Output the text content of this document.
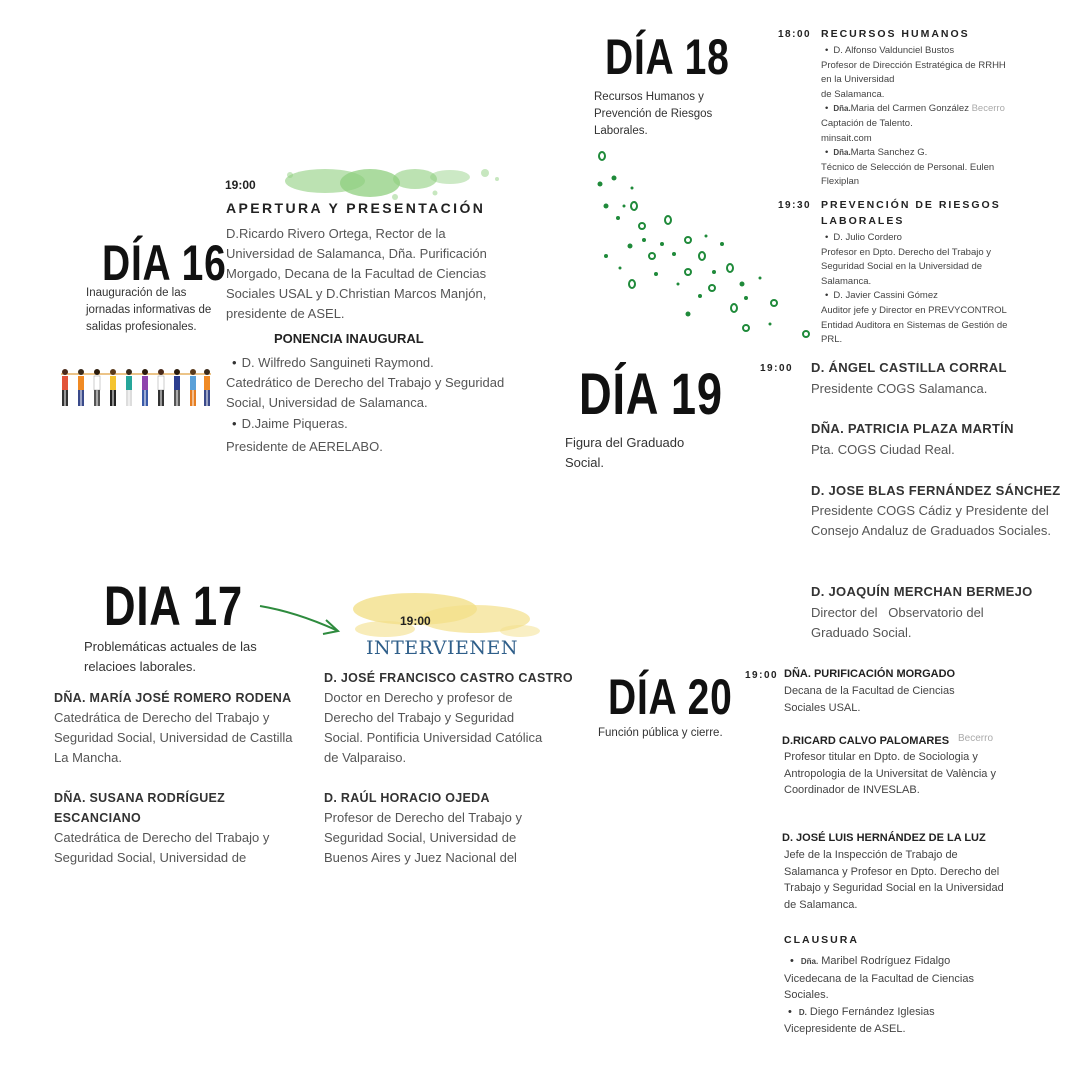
DÍA 16
Inauguración de las jornadas informativas de salidas profesionales.
19:00
APERTURA Y PRESENTACIÓN
D.Ricardo Rivero Ortega, Rector de la Universidad de Salamanca, Dña. Purificación Morgado, Decana de la Facultad de Ciencias Sociales USAL y D.Christian Marcos Manjón, presidente de ASEL.
PONENCIA INAUGURAL
• D. Wilfredo Sanguineti Raymond.
Catedrático de Derecho del Trabajo y Seguridad Social, Universidad de Salamanca.
• D.Jaime Piqueras.
Presidente de AERELABO.
DIA 17
Problemáticas actuales de las relacioes laborales.
19:00
INTERVIENEN
DÑA. MARÍA JOSÉ ROMERO RODENA
Catedrática de Derecho del Trabajo y Seguridad Social, Universidad de Castilla La Mancha.
DÑA. SUSANA RODRÍGUEZ ESCANCIANO
Catedrática de Derecho del Trabajo y Seguridad Social, Universidad de
D. JOSÉ FRANCISCO CASTRO CASTRO
Doctor en Derecho y profesor de Derecho del Trabajo y Seguridad Social. Pontificia Universidad Católica de Valparaiso.
D. RAÚL HORACIO OJEDA
Profesor de Derecho del Trabajo y Seguridad Social, Universidad de Buenos Aires y Juez Nacional del
DÍA 18
Recursos Humanos y Prevención de Riesgos Laborales.
18:00 RECURSOS HUMANOS
• D. Alfonso Valdunciel Bustos
Profesor de Dirección Estratégica de RRHH
en la Universidad
de Salamanca.
• Dña.Maria del Carmen González Becerro
Captación de Talento.
minsait.com
• Dña.Marta Sanchez G.
Técnico de Selección de Personal. Eulen
Flexiplan
19:30 PREVENCIÓN DE RIESGOS
LABORALES
• D. Julio Cordero
Profesor en Dpto. Derecho del Trabajo y
Seguridad Social en la Universidad de
Salamanca.
• D. Javier Cassini Gómez
Auditor jefe y Director en PREVYCONTROL
Entidad Auditora en Sistemas de Gestión de
PRL.
DÍA 19
Figura del Graduado Social.
19:00 D. ÁNGEL CASTILLA CORRAL
Presidente COGS Salamanca.
DÑA. PATRICIA PLAZA MARTÍN
Pta. COGS Ciudad Real.
D. JOSE BLAS FERNÁNDEZ SÁNCHEZ
Presidente COGS Cádiz y Presidente del Consejo Andaluz de Graduados Sociales.
D. JOAQUÍN MERCHAN BERMEJO
Director del   Observatorio del Graduado Social.
DÍA 20
Función pública y cierre.
19:00 DÑA. PURIFICACIÓN MORGADO
Decana de la Facultad de Ciencias Sociales USAL.
D.RICARD CALVO PALOMARES Becerro
Profesor titular en Dpto. de Sociologia y Antropologia de la Universitat de València y Coordinador de INVESLAB.
D. JOSÉ LUIS HERNÁNDEZ DE LA LUZ
Jefe de la Inspección de Trabajo de Salamanca y Profesor en Dpto. Derecho del Trabajo y Seguridad Social en la Universidad de Salamanca.
CLAUSURA
• Dña. Maribel Rodríguez Fidalgo
Vicedecana de la Facultad de Ciencias Sociales.
• D. Diego Fernández Iglesias
Vicepresidente de ASEL.
